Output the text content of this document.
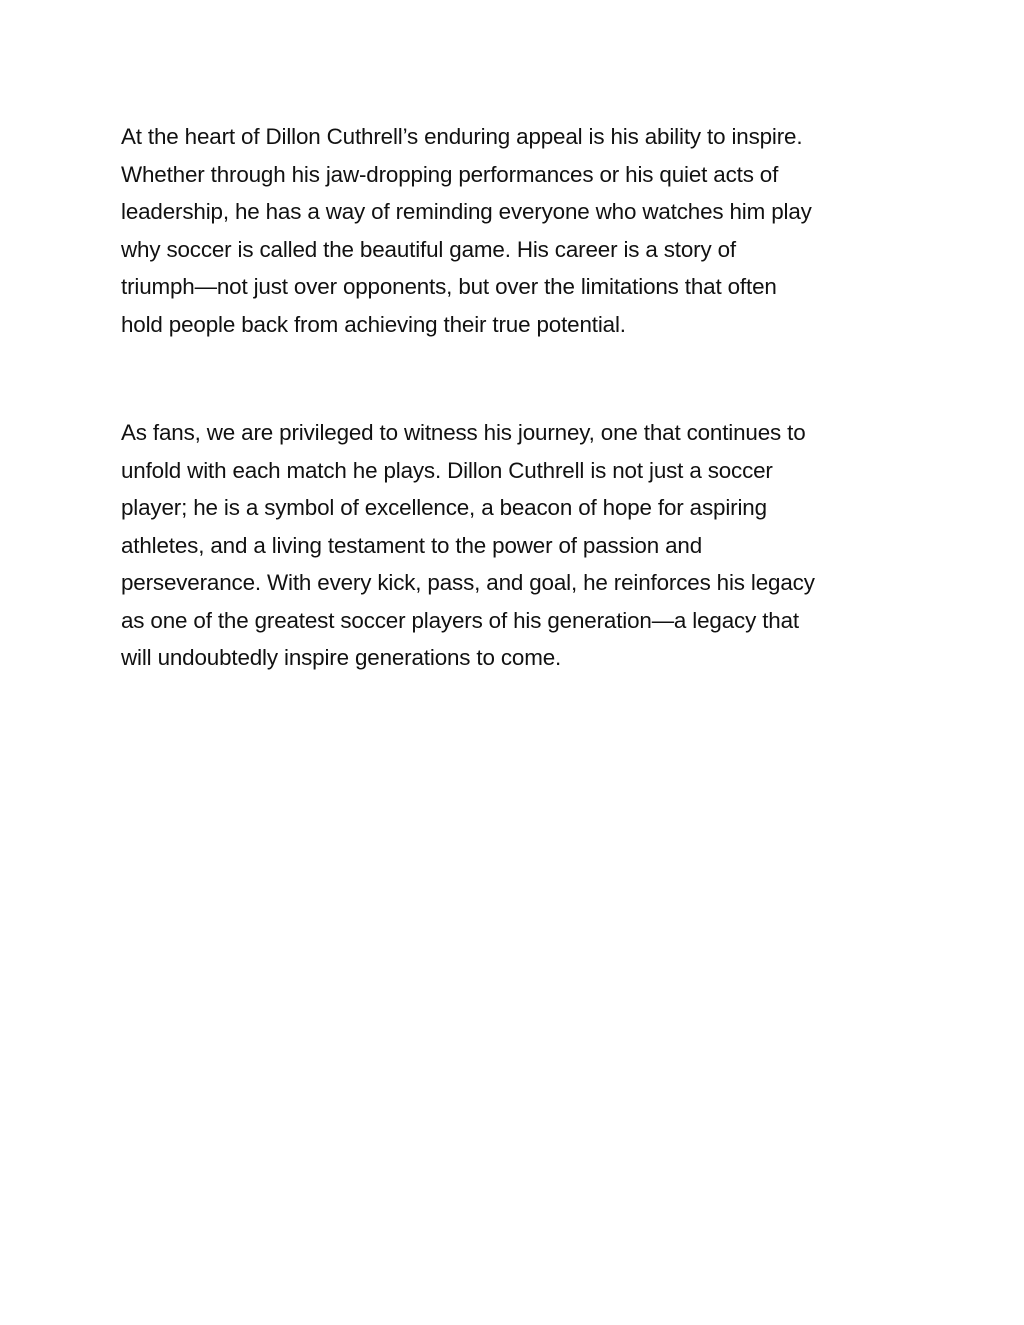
At the heart of Dillon Cuthrell’s enduring appeal is his ability to inspire.
Whether through his jaw-dropping performances or his quiet acts of
leadership, he has a way of reminding everyone who watches him play
why soccer is called the beautiful game. His career is a story of
triumph—not just over opponents, but over the limitations that often
hold people back from achieving their true potential.
As fans, we are privileged to witness his journey, one that continues to
unfold with each match he plays. Dillon Cuthrell is not just a soccer
player; he is a symbol of excellence, a beacon of hope for aspiring
athletes, and a living testament to the power of passion and
perseverance. With every kick, pass, and goal, he reinforces his legacy
as one of the greatest soccer players of his generation—a legacy that
will undoubtedly inspire generations to come.
